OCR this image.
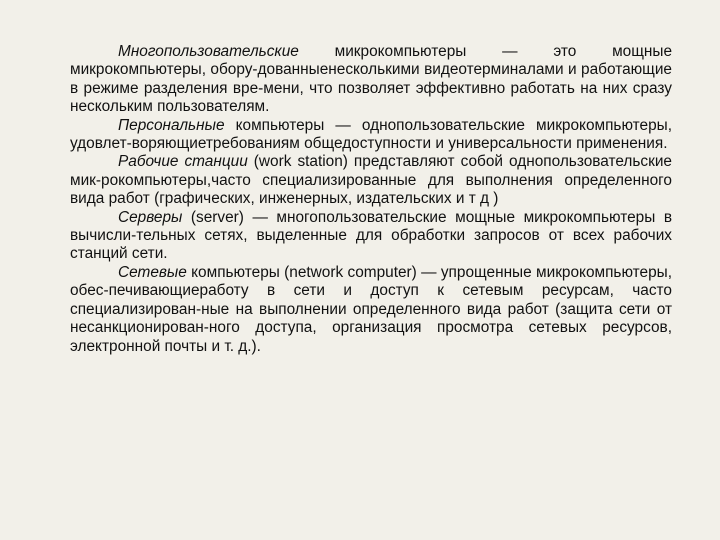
Многопользовательские микрокомпьютеры — это мощные микрокомпьютеры, обору-дованныенесколькими видеотерминалами и работающие в режиме разделения вре-мени, что позволяет эффективно работать на них сразу нескольким пользователям.

Персональные компьютеры — однопользовательские микрокомпьютеры, удовлет-воряющиетребованиям общедоступности и универсальности применения.

Рабочие станции (work station) представляют собой однопользовательские мик-рокомпьютеры,часто специализированные для выполнения определенного вида работ (графических, инженерных, издательских и т д )

Серверы (server) — многопользовательские мощные микрокомпьютеры в вычисли-тельных сетях, выделенные для обработки запросов от всех рабочих станций сети.

Сетевые компьютеры (network computer) — упрощенные микрокомпьютеры, обес-печивающиеработу в сети и доступ к сетевым ресурсам, часто специализирован-ные на выполнении определенного вида работ (защита сети от несанкционирован-ного доступа, организация просмотра сетевых ресурсов, электронной почты и т. д.).
